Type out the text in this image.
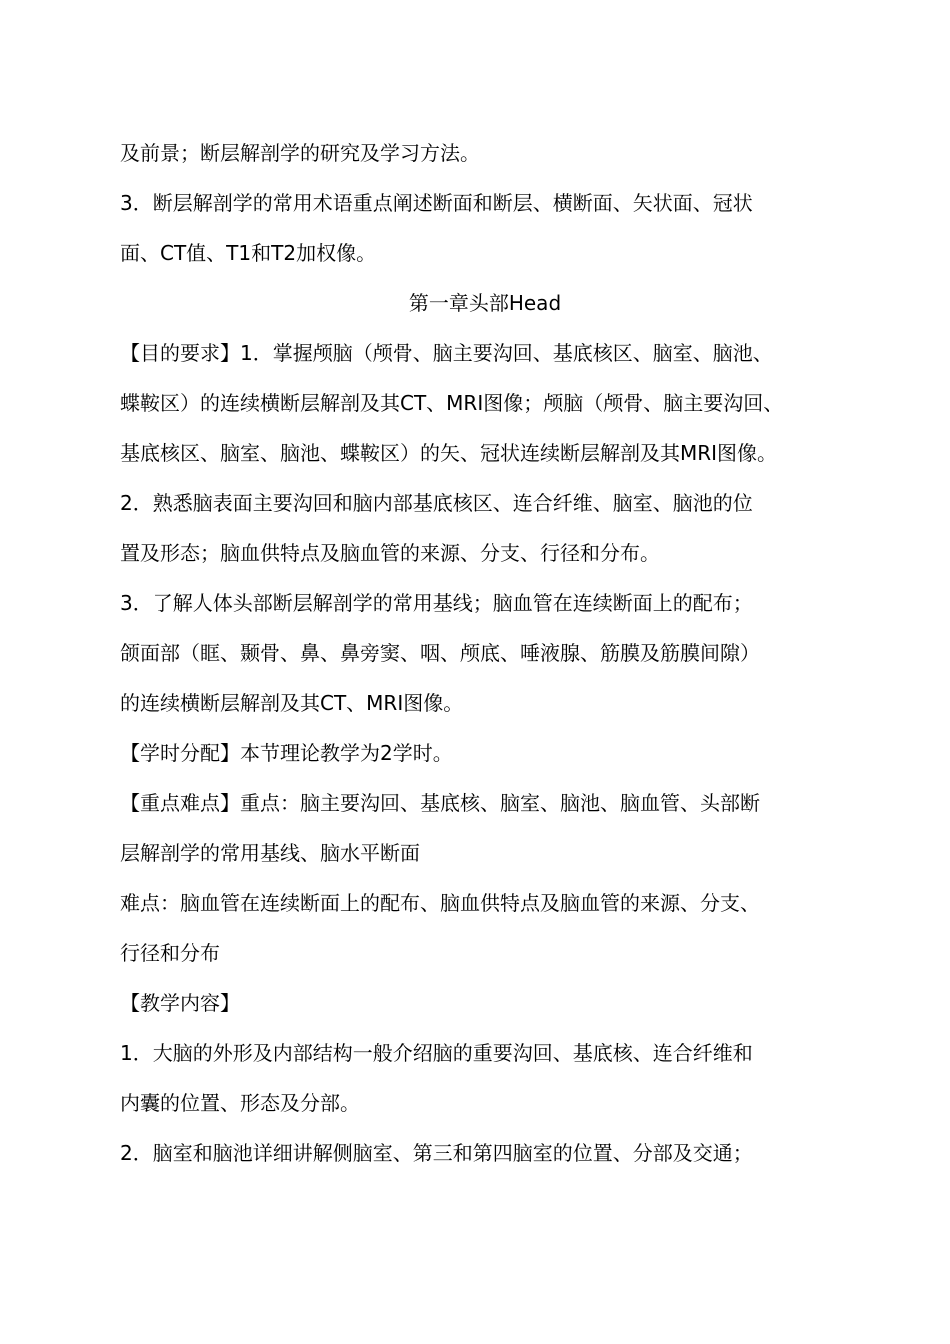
及前景；断层解剖学的研究及学习方法。
3．断层解剖学的常用术语重点阐述断面和断层、横断面、矢状面、冠状
面、CT值、T1和T2加权像。
第一章头部Head
【目的要求】1．掌握颅脑（颅骨、脑主要沟回、基底核区、脑室、脑池、
蝶鞍区）的连续横断层解剖及其CT、MRI图像；颅脑（颅骨、脑主要沟回、
基底核区、脑室、脑池、蝶鞍区）的矢、冠状连续断层解剖及其MRI图像。
2．熟悉脑表面主要沟回和脑内部基底核区、连合纤维、脑室、脑池的位
置及形态；脑血供特点及脑血管的来源、分支、行径和分布。
3．了解人体头部断层解剖学的常用基线；脑血管在连续断面上的配布；
颌面部（眶、颞骨、鼻、鼻旁窦、咽、颅底、唾液腺、筋膜及筋膜间隙）
的连续横断层解剖及其CT、MRI图像。
【学时分配】本节理论教学为2学时。
【重点难点】重点：脑主要沟回、基底核、脑室、脑池、脑血管、头部断
层解剖学的常用基线、脑水平断面
难点：脑血管在连续断面上的配布、脑血供特点及脑血管的来源、分支、
行径和分布
【教学内容】
1．大脑的外形及内部结构一般介绍脑的重要沟回、基底核、连合纤维和
内囊的位置、形态及分部。
2．脑室和脑池详细讲解侧脑室、第三和第四脑室的位置、分部及交通；
